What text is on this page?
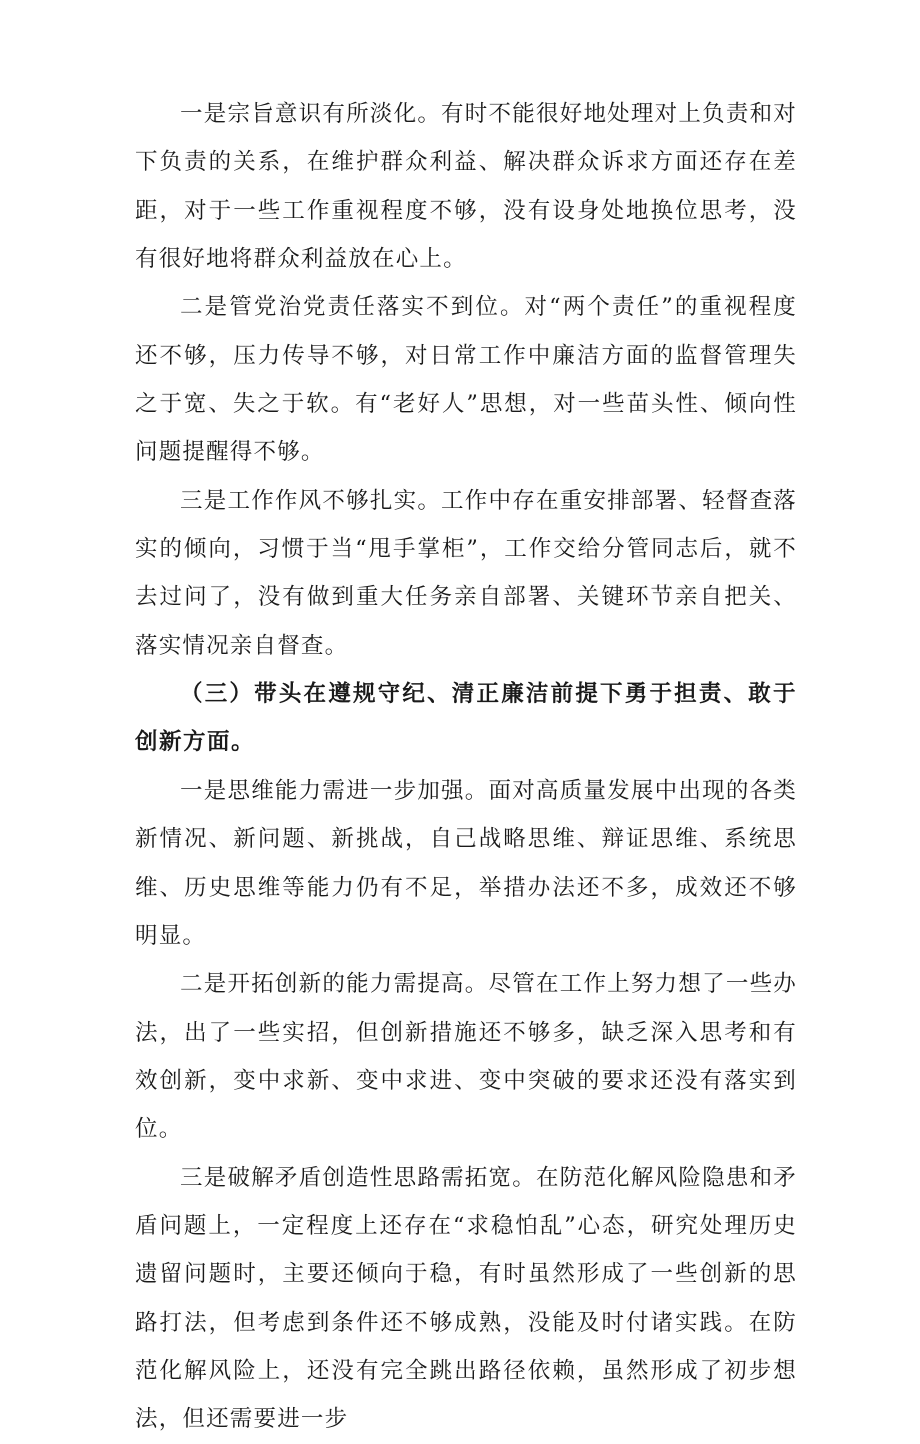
一是宗旨意识有所淡化。有时不能很好地处理对上负责和对下负责的关系，在维护群众利益、解决群众诉求方面还存在差距，对于一些工作重视程度不够，没有设身处地换位思考，没有很好地将群众利益放在心上。

二是管党治党责任落实不到位。对“两个责任”的重视程度还不够，压力传导不够，对日常工作中廉洁方面的监督管理失之于宽、失之于软。有“老好人”思想，对一些苗头性、倾向性问题提醒得不够。

三是工作作风不够扎实。工作中存在重安排部署、轻督查落实的倾向，习惯于当“甩手掌柜”，工作交给分管同志后，就不去过问了，没有做到重大任务亲自部署、关键环节亲自把关、落实情况亲自督查。

（三）带头在遵规守纪、清正廉洁前提下勇于担责、敢于创新方面。

一是思维能力需进一步加强。面对高质量发展中出现的各类新情况、新问题、新挑战，自己战略思维、辩证思维、系统思维、历史思维等能力仍有不足，举措办法还不多，成效还不够明显。

二是开拓创新的能力需提高。尽管在工作上努力想了一些办法，出了一些实招，但创新措施还不够多，缺乏深入思考和有效创新，变中求新、变中求进、变中突破的要求还没有落实到位。

三是破解矛盾创造性思路需拓宽。在防范化解风险隐患和矛盾问题上，一定程度上还存在“求稳怕乱”心态，研究处理历史遗留问题时，主要还倾向于稳，有时虽然形成了一些创新的思路打法，但考虑到条件还不够成熟，没能及时付诸实践。在防范化解风险上，还没有完全跳出路径依赖，虽然形成了初步想法，但还需要进一步
